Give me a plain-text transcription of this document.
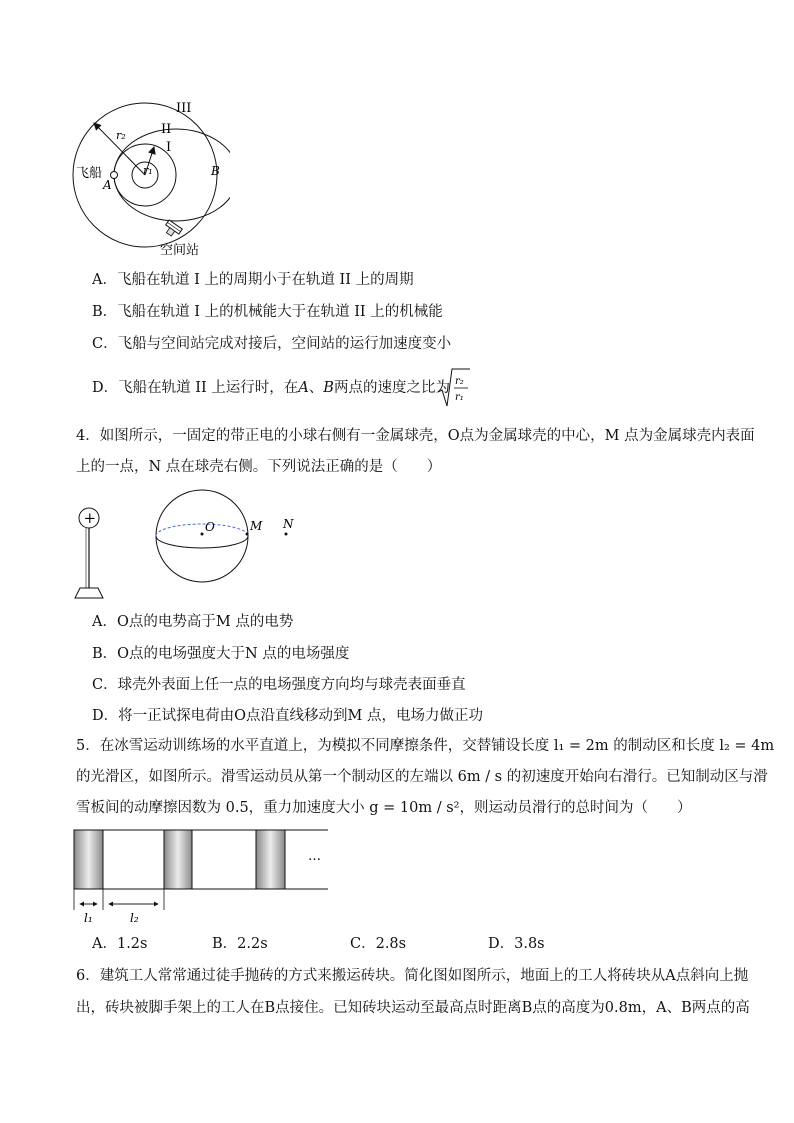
III
II
I
r₂
r₁
飞船
A
B
空间站
A．飞船在轨道 I 上的周期小于在轨道 II 上的周期
B．飞船在轨道 I 上的机械能大于在轨道 II 上的机械能
C．飞船与空间站完成对接后，空间站的运行加速度变小
D．飞船在轨道 II 上运行时，在A、B两点的速度之比为 r₂
r₁
4．如图所示，一固定的带正电的小球右侧有一金属球壳，O点为金属球壳的中心，M 点为金属球壳内表面
上的一点，N 点在球壳右侧。下列说法正确的是（　　）
+	O	M N
A．O点的电势高于M 点的电势
B．O点的电场强度大于N 点的电场强度
C．球壳外表面上任一点的电场强度方向均与球壳表面垂直
D．将一正试探电荷由O点沿直线移动到M 点，电场力做正功
5．在冰雪运动训练场的水平直道上，为模拟不同摩擦条件，交替铺设长度 l₁ = 2m 的制动区和长度 l₂ = 4m
的光滑区，如图所示。滑雪运动员从第一个制动区的左端以 6m / s 的初速度开始向右滑行。已知制动区与滑
雪板间的动摩擦因数为 0.5，重力加速度大小 g = 10m / s²，则运动员滑行的总时间为（　　）
…
l₁	l₂
A．1.2s	B．2.2s	C．2.8s	D．3.8s
6．建筑工人常常通过徒手抛砖的方式来搬运砖块。简化图如图所示，地面上的工人将砖块从A点斜向上抛
出，砖块被脚手架上的工人在B点接住。已知砖块运动至最高点时距离B点的高度为0.8m，A、B两点的高
